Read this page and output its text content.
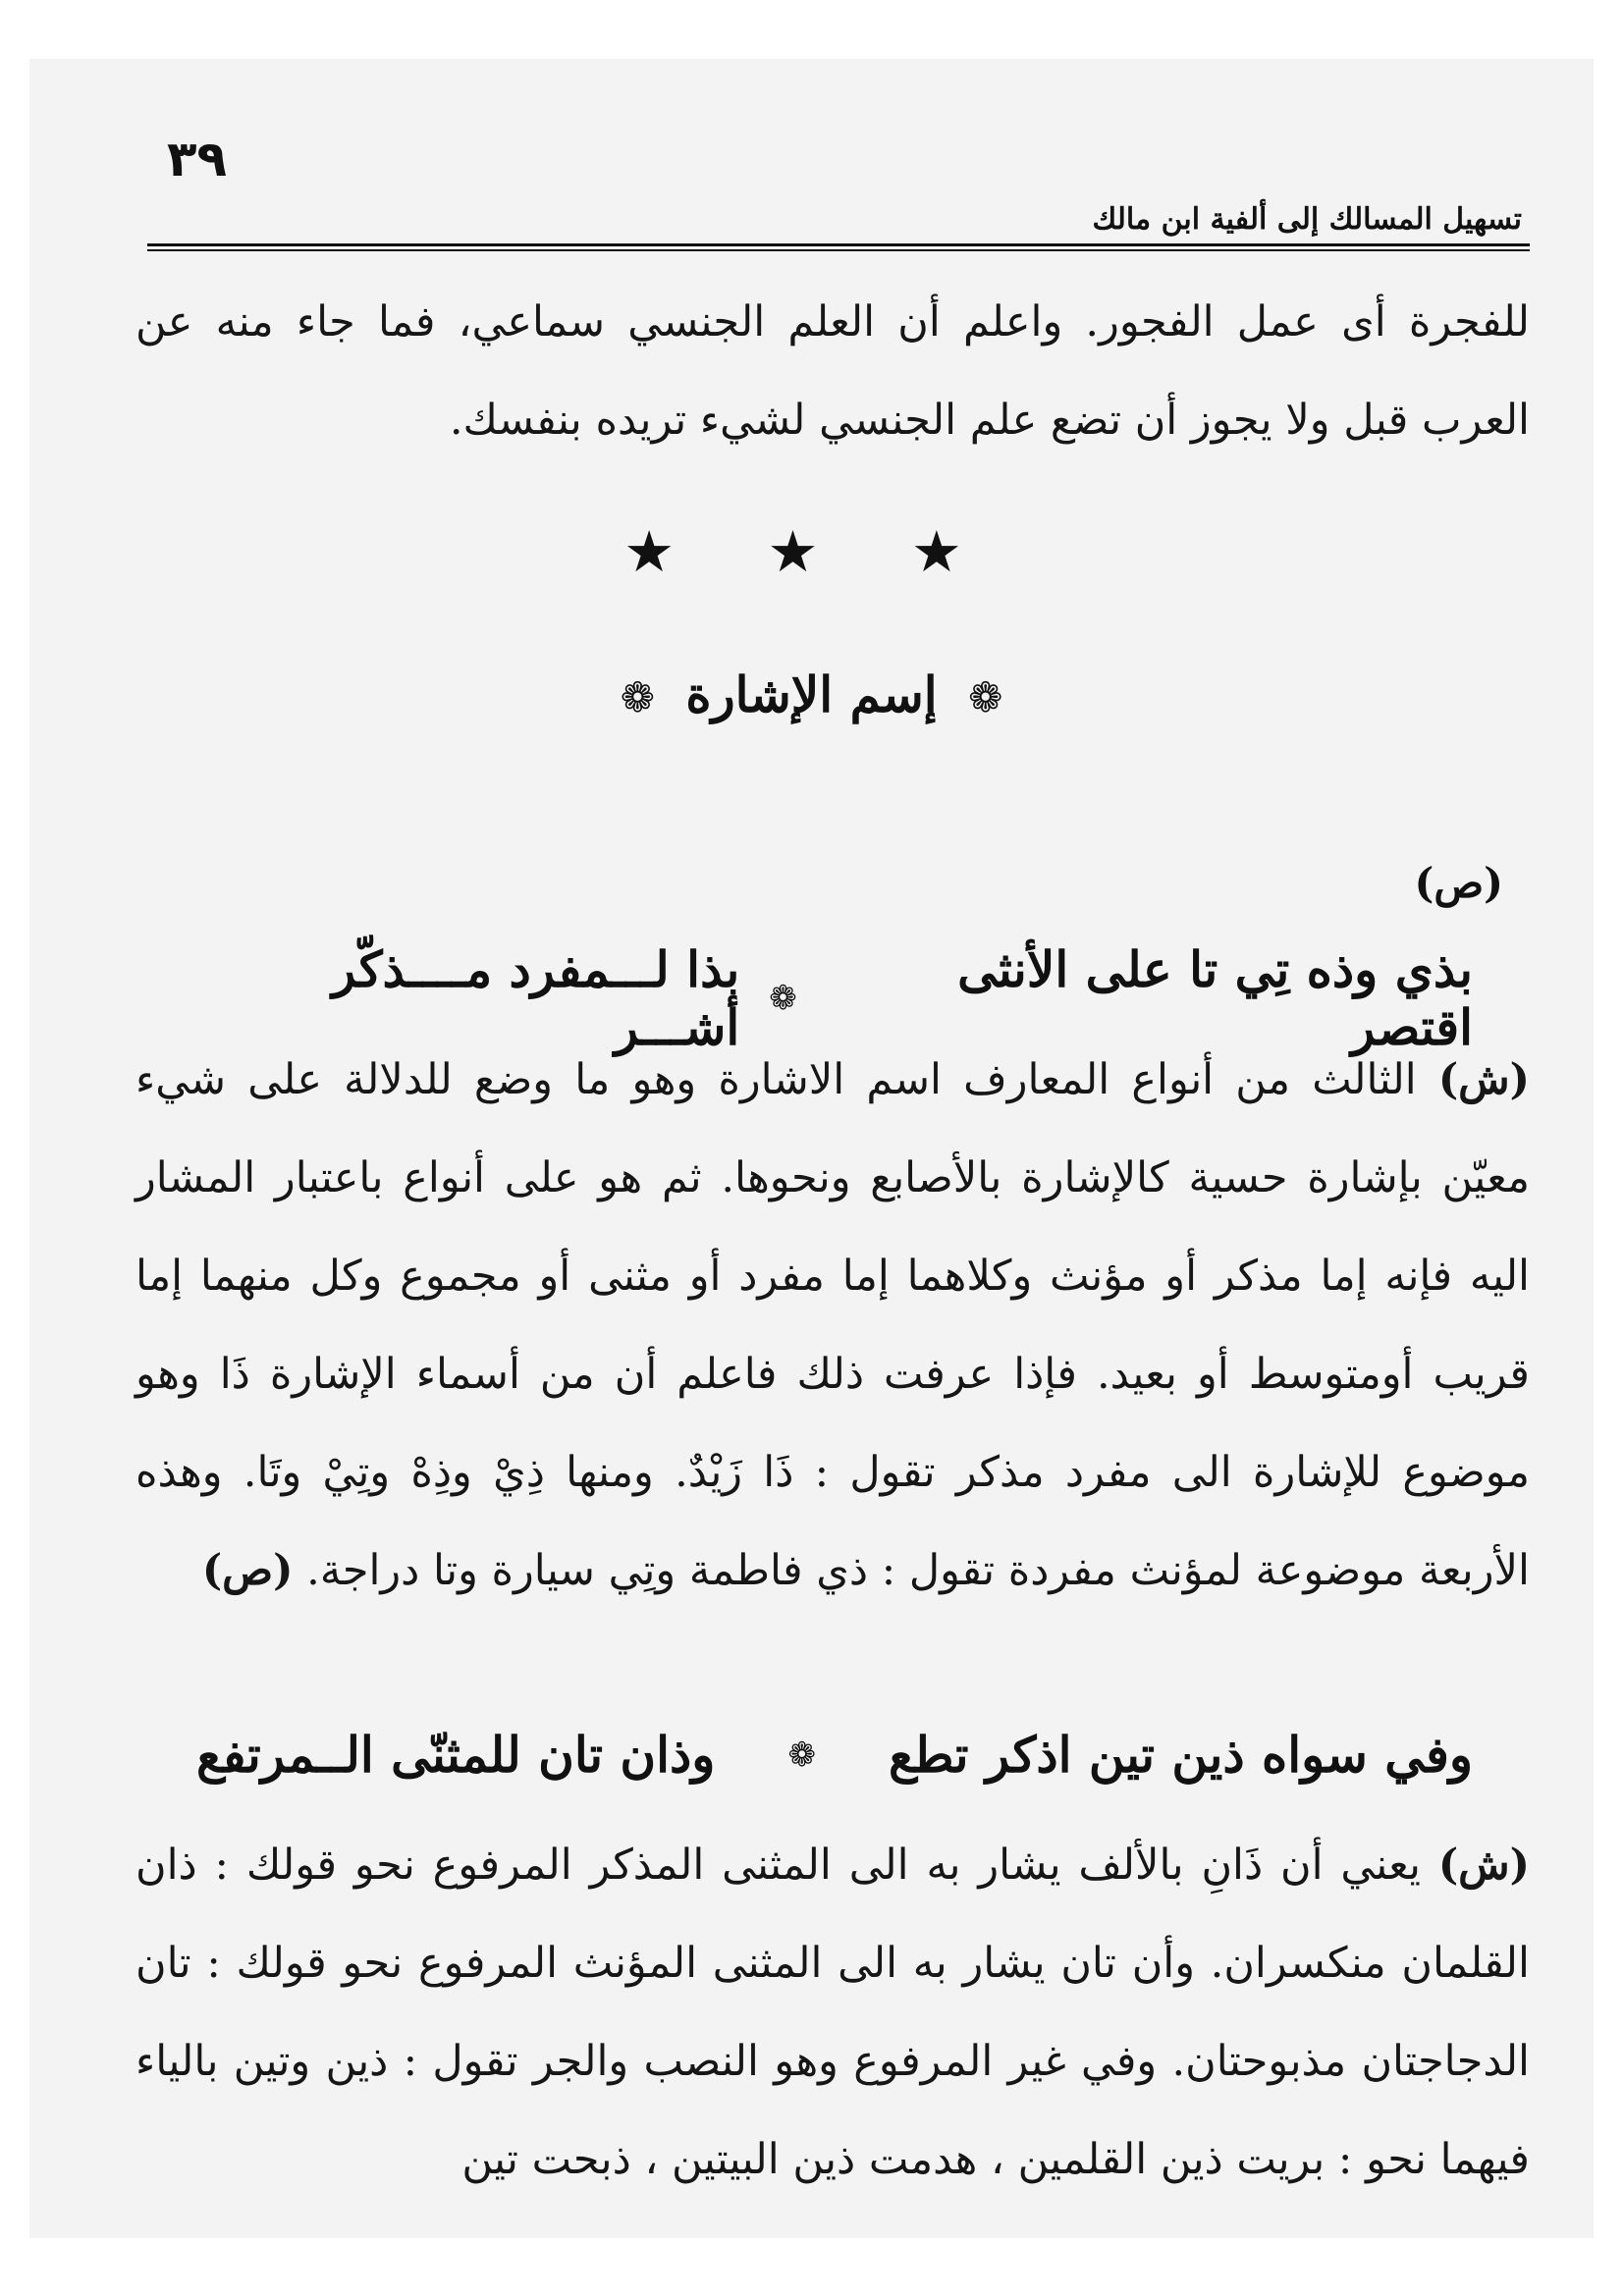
٣٩
تسهيل المسالك إلى ألفية ابن مالك

للفجرة أى عمل الفجور. واعلم أن العلم الجنسي سماعي، فما جاء منه عن العرب قبل ولا يجوز أن تضع علم الجنسي لشيء تريده بنفسك.

★ ★ ★
❁ إسم الإشارة ❁
(ص)
بذا لـــمفرد مــــذكّر أشـــر ❁	بذي وذه تِي تا على الأنثى اقتصر

(ش) الثالث من أنواع المعارف اسم الاشارة وهو ما وضع للدلالة على شيء معيّن بإشارة حسية كالإشارة بالأصابع ونحوها. ثم هو على أنواع باعتبار المشار اليه فإنه إما مذكر أو مؤنث وكلاهما إما مفرد أو مثنى أو مجموع وكل منهما إما قريب أومتوسط أو بعيد. فإذا عرفت ذلك فاعلم أن من أسماء الإشارة ذَا وهو موضوع للإشارة الى مفرد مذكر تقول : ذَا زَيْدٌ. ومنها ذِيْ وذِهْ وتِيْ وتَا. وهذه الأربعة موضوعة لمؤنث مفردة تقول : ذي فاطمة وتِي سيارة وتا دراجة. (ص)

وذان تان للمثنّى الــمرتفع	❁	وفي سواه ذين تين اذكر تطع

(ش) يعني أن ذَانِ بالألف يشار به الى المثنى المذكر المرفوع نحو قولك : ذان القلمان منكسران. وأن تان يشار به الى المثنى المؤنث المرفوع نحو قولك : تان الدجاجتان مذبوحتان. وفي غير المرفوع وهو النصب والجر تقول : ذين وتين بالياء فيهما نحو : بريت ذين القلمين ، هدمت ذين البيتين ، ذبحت تين
